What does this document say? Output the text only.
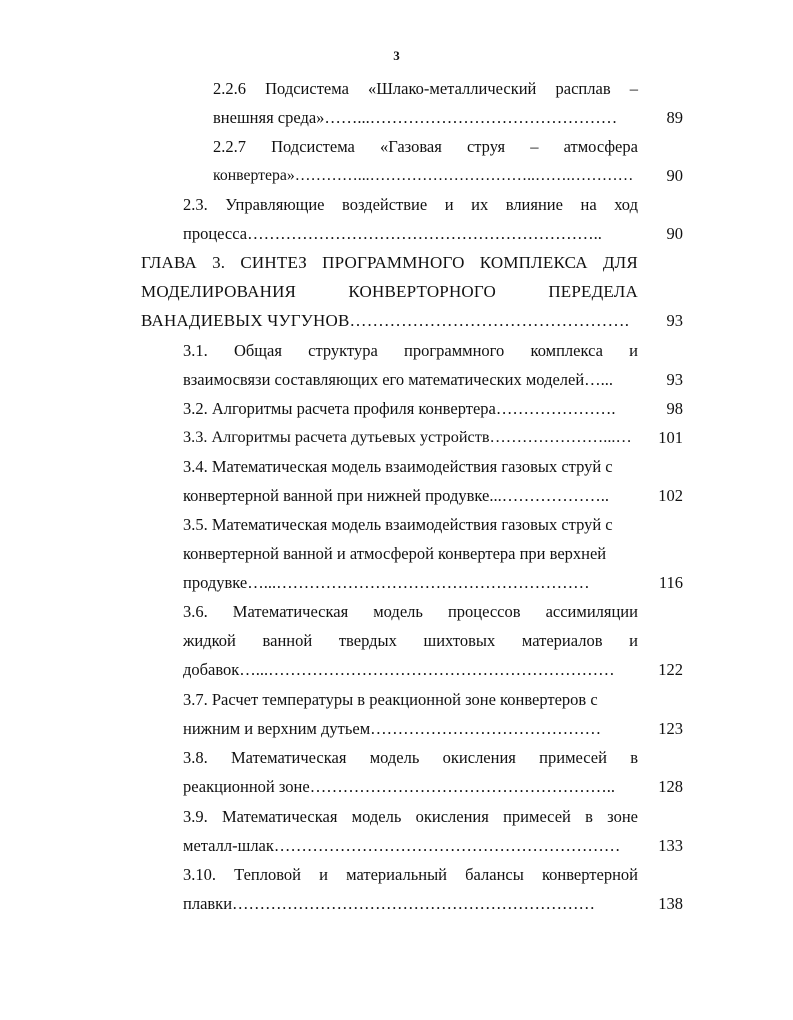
3
2.2.6 Подсистема «Шлако-металлический расплав –
внешняя среда»……...………………………………………	89
2.2.7 Подсистема «Газовая струя – атмосфера
конвертера»…………...…………………………..…….…………	90
2.3. Управляющие воздействие и их влияние на ход
процесса………………………………………………………..	90
ГЛАВА 3. СИНТЕЗ ПРОГРАММНОГО КОМПЛЕКСА ДЛЯ
МОДЕЛИРОВАНИЯ	КОНВЕРТОРНОГО	ПЕРЕДЕЛА
ВАНАДИЕВЫХ ЧУГУНОВ………………………………………….	93
3.1. Общая структура программного комплекса и
взаимосвязи составляющих его математических моделей…...	93
3.2. Алгоритмы расчета профиля конвертера………………….	98
3.3. Алгоритмы расчета дутьевых устройств…………………...…	101
3.4. Математическая модель взаимодействия газовых струй с
конвертерной ванной при нижней продувке...………………..	102
3.5. Математическая модель взаимодействия газовых струй с
конвертерной ванной и атмосферой конвертера при верхней
продувке…...…………………………………………………	116
3.6. Математическая модель процессов ассимиляции
жидкой ванной твердых шихтовых материалов и
добавок…...………………………………………………………	122
3.7. Расчет температуры в реакционной зоне конвертеров с
нижним и верхним дутьем……………………………………	123
3.8. Математическая модель окисления примесей в
реакционной зоне………………………………………………..	128
3.9. Математическая модель окисления примесей в зоне
металл-шлак………………………………………………………	133
3.10. Тепловой и материальный балансы конвертерной
плавки…………………………………………………………	138
